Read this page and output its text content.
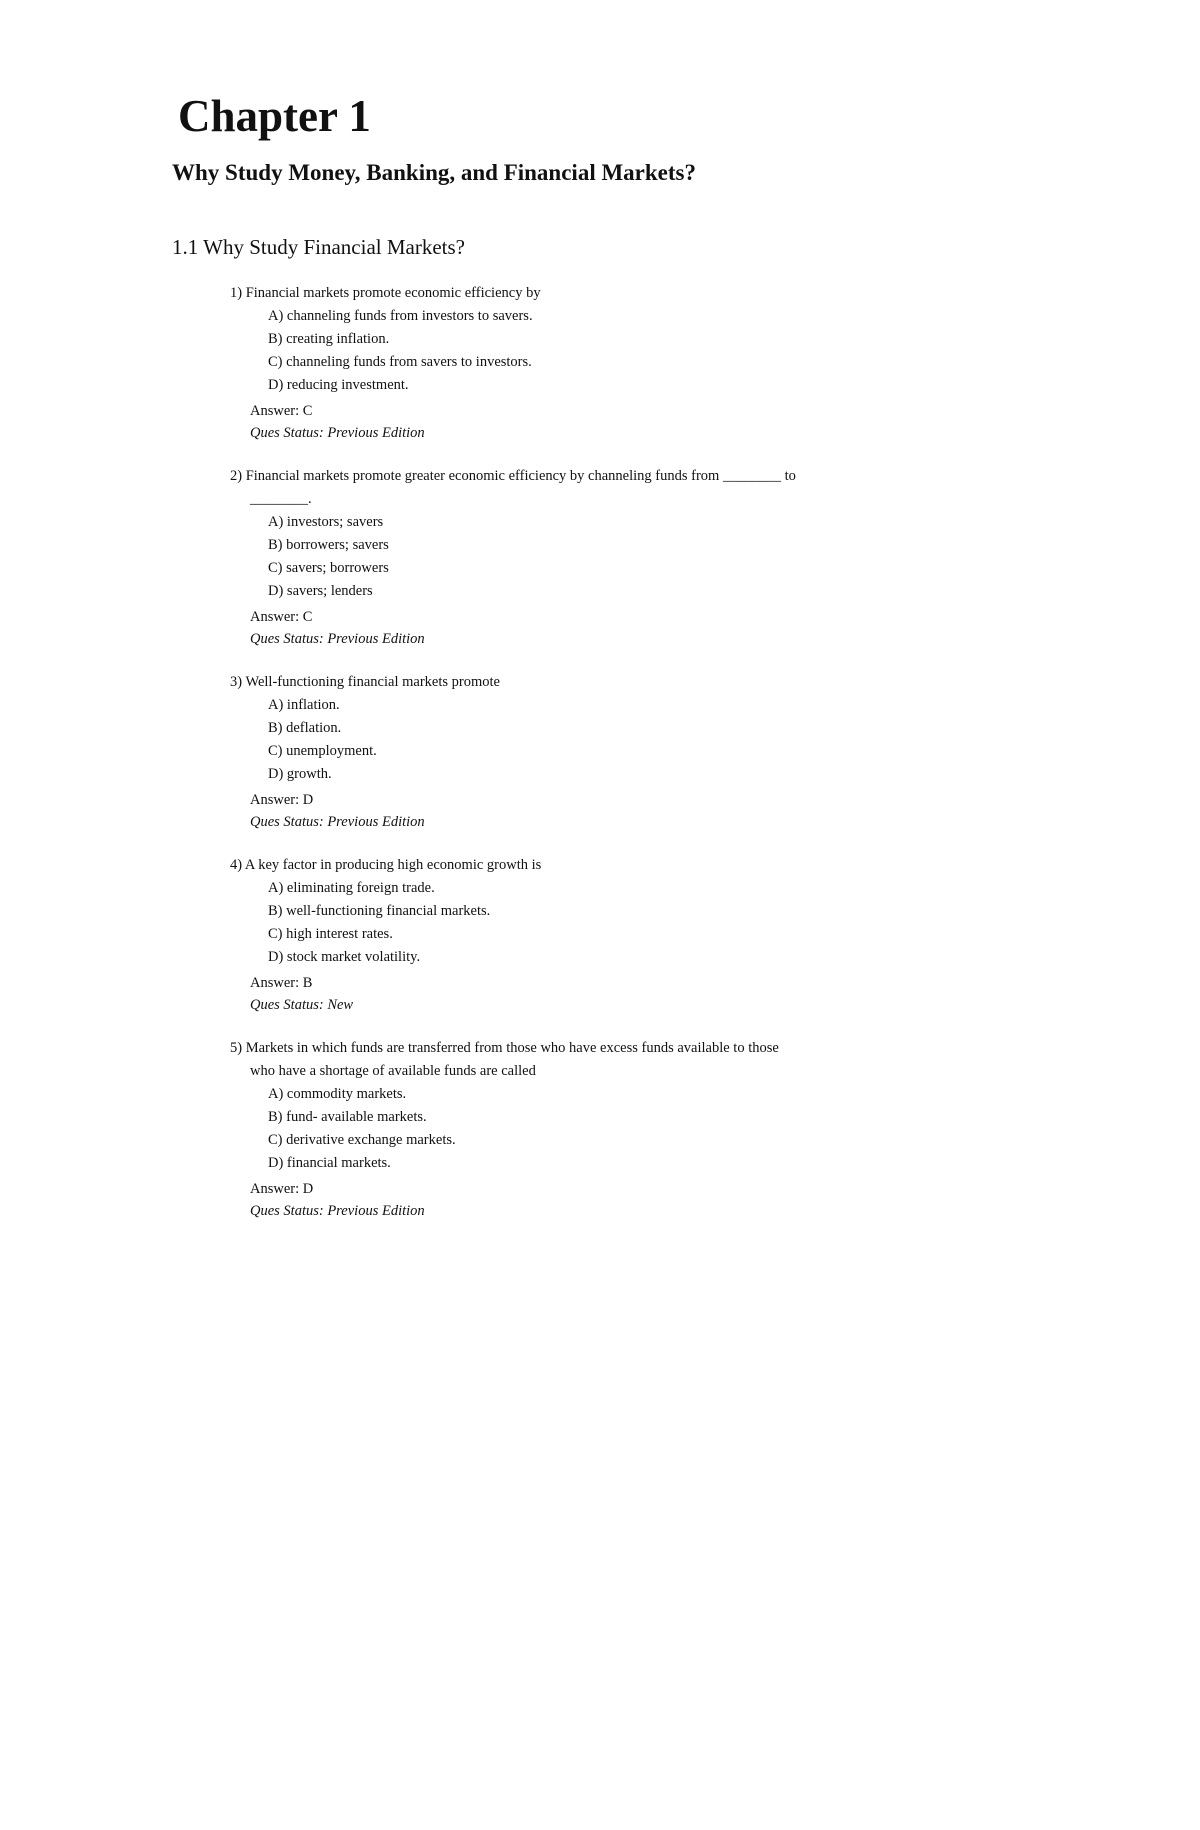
Chapter 1
Why Study Money, Banking, and Financial Markets?
1.1 Why Study Financial Markets?

1) Financial markets promote economic efficiency by

A) channeling funds from investors to savers.
B) creating inflation.
C) channeling funds from savers to investors.
D) reducing investment.

Answer: C

Ques Status: Previous Edition

2) Financial markets promote greater economic efficiency by channeling funds from ________ to

________.

A) investors; savers
B) borrowers; savers
C) savers; borrowers
D) savers; lenders

Answer: C

Ques Status: Previous Edition

3) Well-functioning financial markets promote

A) inflation.
B) deflation.
C) unemployment.
D) growth.

Answer: D

Ques Status: Previous Edition

4) A key factor in producing high economic growth is

A) eliminating foreign trade.
B) well-functioning financial markets.
C) high interest rates.
D) stock market volatility.

Answer: B

Ques Status: New

5) Markets in which funds are transferred from those who have excess funds available to those

who have a shortage of available funds are called

A) commodity markets.
B) fund- available markets.
C) derivative exchange markets.
D) financial markets.

Answer: D

Ques Status: Previous Edition
